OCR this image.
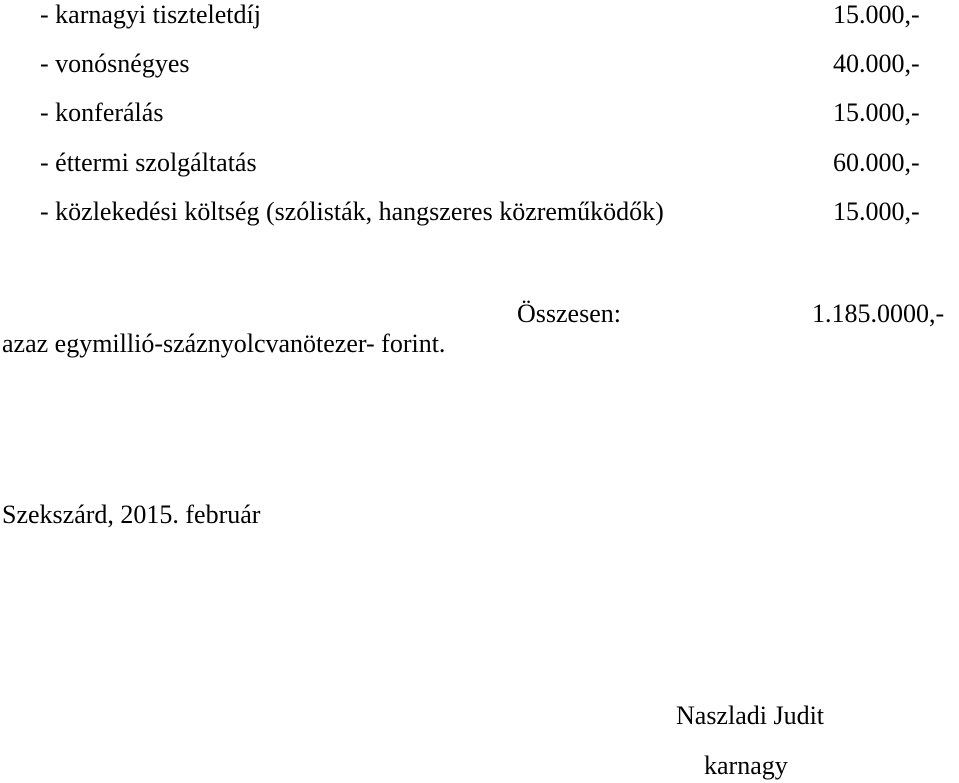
- karnagyi tiszteletdíj	15.000,-
- vonósnégyes	40.000,-
- konferálás	15.000,-
- éttermi szolgáltatás	60.000,-
- közlekedési költség (szólisták, hangszeres közreműködők)	15.000,-
Összesen:	1.185.0000,-
azaz egymillió-száznyolcvanötezer- forint.
Szekszárd, 2015. február
Naszladi Judit
karnagy
